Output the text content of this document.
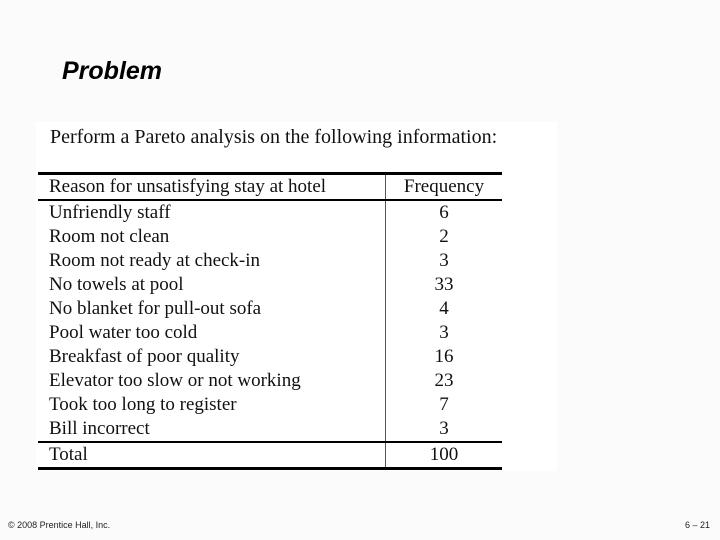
Problem

Perform a Pareto analysis on the following information:

Reason for unsatisfying stay at hotel	Frequency
Unfriendly staff	6
Room not clean	2
Room not ready at check-in	3
No towels at pool	33
No blanket for pull-out sofa	4
Pool water too cold	3
Breakfast of poor quality	16
Elevator too slow or not working	23
Took too long to register	7
Bill incorrect	3
Total	100
© 2008 Prentice Hall, Inc.	6 – 21
